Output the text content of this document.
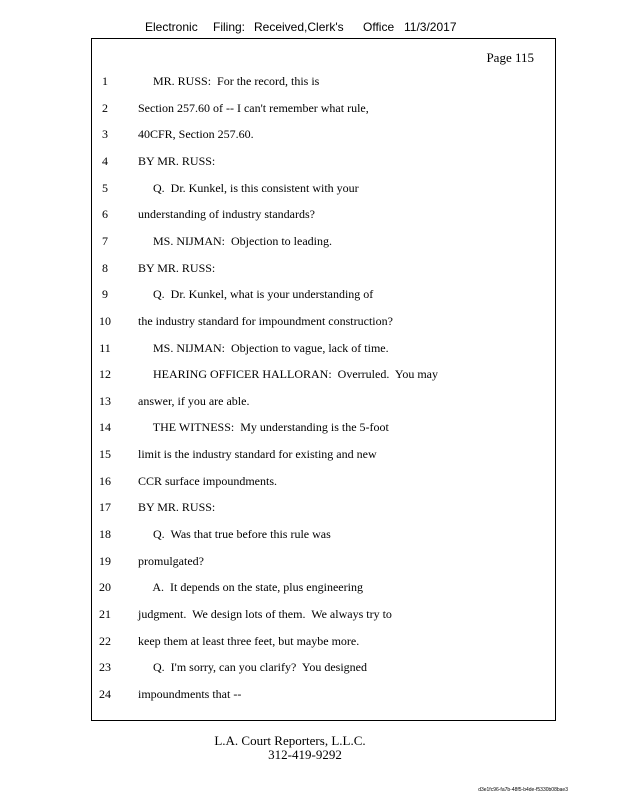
Electronic Filing: Received,Clerk's Office 11/3/2017
Page 115
1	MR. RUSS:  For the record, this is
2	Section 257.60 of -- I can't remember what rule,
3	40CFR, Section 257.60.
4	BY MR. RUSS:
5	Q.  Dr. Kunkel, is this consistent with your
6	understanding of industry standards?
7	MS. NIJMAN:  Objection to leading.
8	BY MR. RUSS:
9	Q.  Dr. Kunkel, what is your understanding of
10	the industry standard for impoundment construction?
11	MS. NIJMAN:  Objection to vague, lack of time.
12	HEARING OFFICER HALLORAN:  Overruled.  You may
13	answer, if you are able.
14	THE WITNESS:  My understanding is the 5-foot
15	limit is the industry standard for existing and new
16	CCR surface impoundments.
17	BY MR. RUSS:
18	Q.  Was that true before this rule was
19	promulgated?
20	A.  It depends on the state, plus engineering
21	judgment.  We design lots of them.  We always try to
22	keep them at least three feet, but maybe more.
23	Q.  I'm sorry, can you clarify?  You designed
24	impoundments that --
L.A. Court Reporters, L.L.C.
312-419-9292
d3e1fc96-fa7b-48f5-b4de-f5330b08bae3
